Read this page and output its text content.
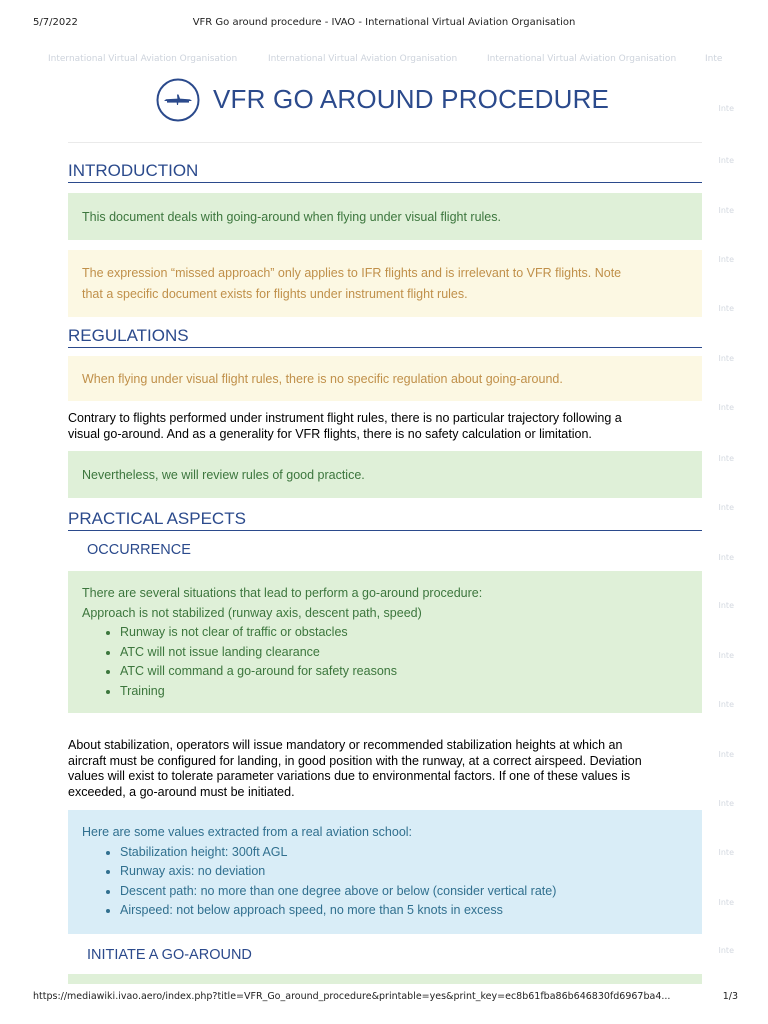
5/7/2022	VFR Go around procedure - IVAO - International Virtual Aviation Organisation
International Virtual Aviation Organisation	International Virtual Aviation Organisation	International Virtual Aviation Organisation	Inte
Inte
Inte
Inte
Inte
Inte
Inte
Inte
Inte
Inte
Inte
Inte
Inte
Inte
Inte
Inte
Inte
Inte
Inte
VFR GO AROUND PROCEDURE
INTRODUCTION
This document deals with going-around when flying under visual flight rules.
The expression “missed approach” only applies to IFR flights and is irrelevant to VFR flights. Note
that a specific document exists for flights under instrument flight rules.
REGULATIONS
When flying under visual flight rules, there is no specific regulation about going-around.

Contrary to flights performed under instrument flight rules, there is no particular trajectory following a
visual go-around. And as a generality for VFR flights, there is no safety calculation or limitation.

Nevertheless, we will review rules of good practice.
PRACTICAL ASPECTS
OCCURRENCE
There are several situations that lead to perform a go-around procedure:
Approach is not stabilized (runway axis, descent path, speed)
• Runway is not clear of traffic or obstacles
• ATC will not issue landing clearance
• ATC will command a go-around for safety reasons
• Training

About stabilization, operators will issue mandatory or recommended stabilization heights at which an
aircraft must be configured for landing, in good position with the runway, at a correct airspeed. Deviation
values will exist to tolerate parameter variations due to environmental factors. If one of these values is
exceeded, a go-around must be initiated.

Here are some values extracted from a real aviation school:
• Stabilization height: 300ft AGL
• Runway axis: no deviation
• Descent path: no more than one degree above or below (consider vertical rate)
• Airspeed: not below approach speed, no more than 5 knots in excess
INITIATE A GO-AROUND
https://mediawiki.ivao.aero/index.php?title=VFR_Go_around_procedure&printable=yes&print_key=ec8b61fba86b646830fd6967ba4...	1/3
